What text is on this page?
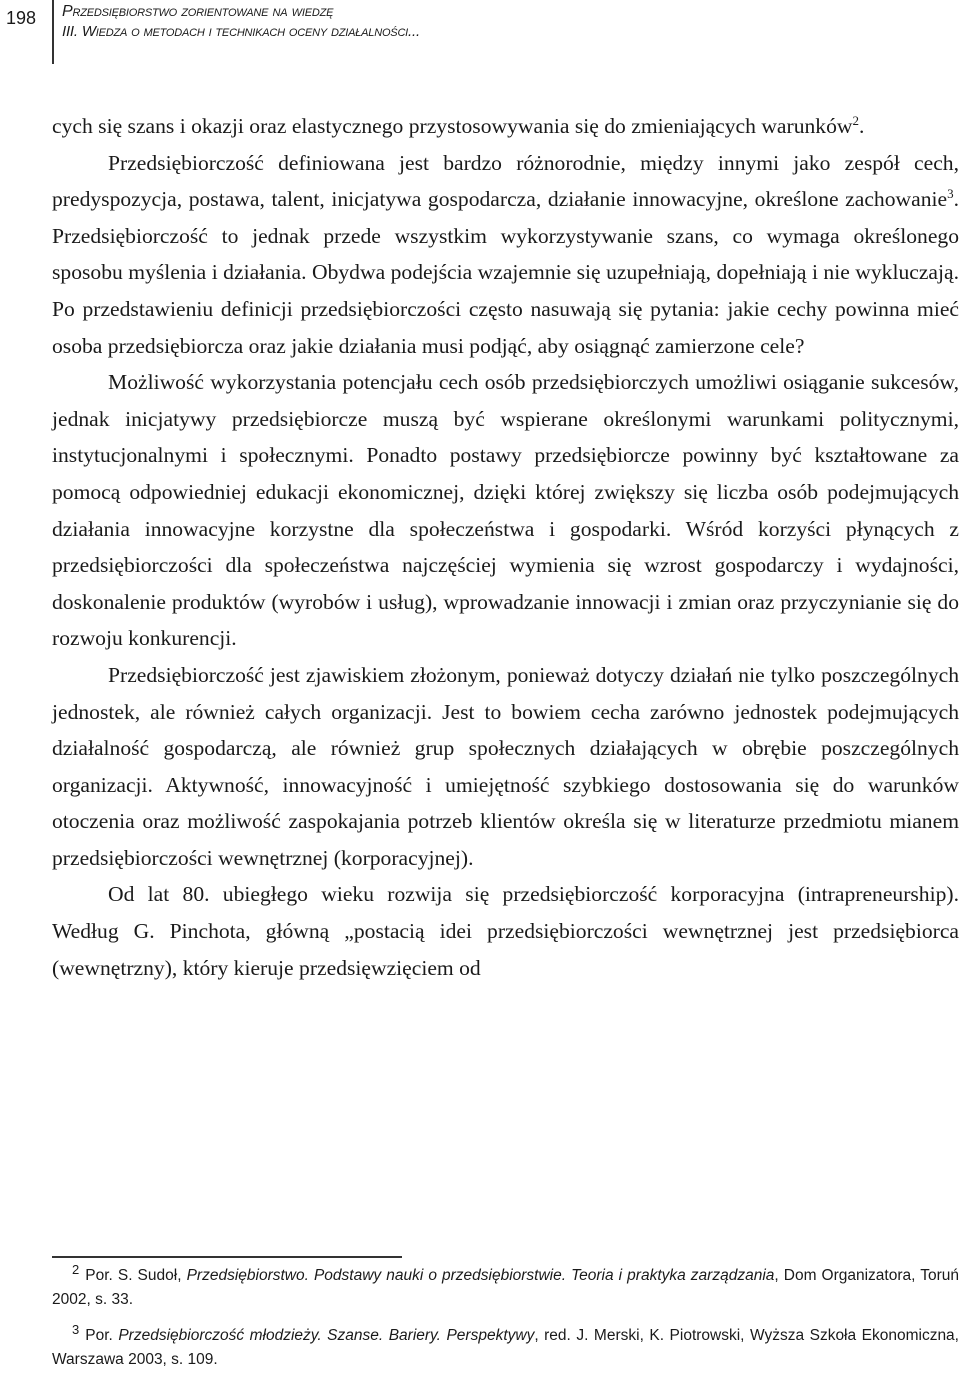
198	Przedsiębiorstwo zorientowane na wiedzę
III. Wiedza o metodach i technikach oceny działalności...

cych się szans i okazji oraz elastycznego przystosowywania się do zmieniających warunków$^2$.

Przedsiębiorczość definiowana jest bardzo różnorodnie, między innymi jako zespół cech, predyspozycja, postawa, talent, inicjatywa gospodarcza, działanie innowacyjne, określone zachowanie$^3$. Przedsiębiorczość to jednak przede wszystkim wykorzystywanie szans, co wymaga określonego sposobu myślenia i działania. Obydwa podejścia wzajemnie się uzupełniają, dopełniają i nie wykluczają. Po przedstawieniu definicji przedsiębiorczości często nasuwają się pytania: jakie cechy powinna mieć osoba przedsiębiorcza oraz jakie działania musi podjąć, aby osiągnąć zamierzone cele?

Możliwość wykorzystania potencjału cech osób przedsiębiorczych umożliwi osiąganie sukcesów, jednak inicjatywy przedsiębiorcze muszą być wspierane określonymi warunkami politycznymi, instytucjonalnymi i społecznymi. Ponadto postawy przedsiębiorcze powinny być kształtowane za pomocą odpowiedniej edukacji ekonomicznej, dzięki której zwiększy się liczba osób podejmujących działania innowacyjne korzystne dla społeczeństwa i gospodarki. Wśród korzyści płynących z przedsiębiorczości dla społeczeństwa najczęściej wymienia się wzrost gospodarczy i wydajności, doskonalenie produktów (wyrobów i usług), wprowadzanie innowacji i zmian oraz przyczynianie się do rozwoju konkurencji.

Przedsiębiorczość jest zjawiskiem złożonym, ponieważ dotyczy działań nie tylko poszczególnych jednostek, ale również całych organizacji. Jest to bowiem cecha zarówno jednostek podejmujących działalność gospodarczą, ale również grup społecznych działających w obrębie poszczególnych organizacji. Aktywność, innowacyjność i umiejętność szybkiego dostosowania się do warunków otoczenia oraz możliwość zaspokajania potrzeb klientów określa się w literaturze przedmiotu mianem przedsiębiorczości wewnętrznej (korporacyjnej).

Od lat 80. ubiegłego wieku rozwija się przedsiębiorczość korporacyjna (intrapreneurship). Według G. Pinchota, główną „postacią idei przedsiębiorczości wewnętrznej jest przedsiębiorca (wewnętrzny), który kieruje przedsięwzięciem od

$^2$ Por. S. Sudoł, Przedsiębiorstwo. Podstawy nauki o przedsiębiorstwie. Teoria i praktyka zarządzania, Dom Organizatora, Toruń 2002, s. 33.

$^3$ Por. Przedsiębiorczość młodzieży. Szanse. Bariery. Perspektywy, red. J. Merski, K. Piotrowski, Wyższa Szkoła Ekonomiczna, Warszawa 2003, s. 109.
